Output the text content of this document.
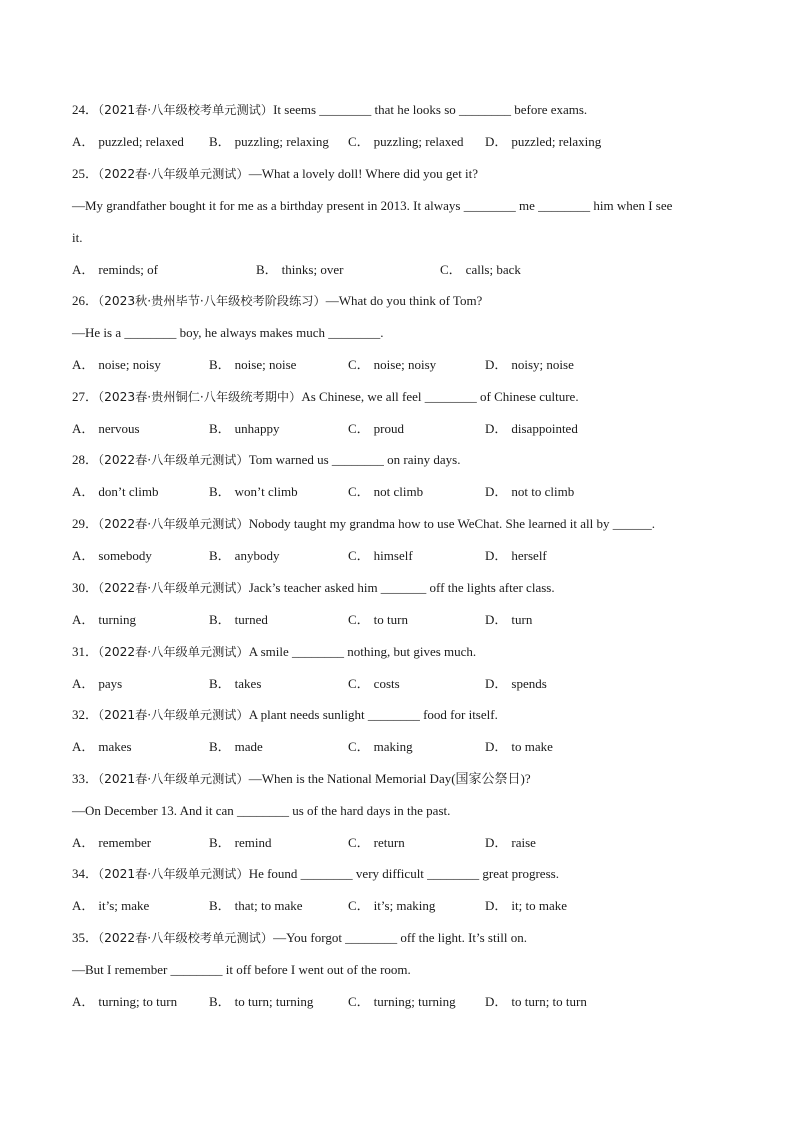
24．（2021春·八年级校考单元测试）It seems ________ that he looks so ________ before exams.
A． puzzled; relaxed B． puzzling; relaxing C． puzzling; relaxed D． puzzled; relaxing
25．（2022春·八年级单元测试）—What a lovely doll! Where did you get it?
—My grandfather bought it for me as a birthday present in 2013. It always ________ me ________ him when I see
it.
A． reminds; of	B． thinks; over	C． calls; back
26．（2023秋·贵州毕节·八年级校考阶段练习）—What do you think of Tom?
—He is a ________ boy, he always makes much ________.
A． noise; noisy	B． noise; noise	C． noise; noisy	D． noisy; noise
27．（2023春·贵州铜仁·八年级统考期中）As Chinese, we all feel ________ of Chinese culture.
A． nervous	B． unhappy	C． proud	D． disappointed
28．（2022春·八年级单元测试）Tom warned us ________ on rainy days.
A． don’t climb	B． won’t climb	C． not climb	D． not to climb
29．（2022春·八年级单元测试）Nobody taught my grandma how to use WeChat. She learned it all by ______.
A． somebody	B． anybody	C． himself	D． herself
30．（2022春·八年级单元测试）Jack’s teacher asked him _______ off the lights after class.
A． turning	B． turned	C． to turn	D． turn
31．（2022春·八年级单元测试）A smile ________ nothing, but gives much.
A． pays	B． takes	C． costs	D． spends
32．（2021春·八年级单元测试）A plant needs sunlight ________ food for itself.
A． makes	B． made	C． making	D． to make
33．（2021春·八年级单元测试）—When is the National Memorial Day(国家公祭日)?
—On December 13. And it can ________ us of the hard days in the past.
A． remember	B． remind	C． return	D． raise
34．（2021春·八年级单元测试）He found ________ very difficult ________ great progress.
A． it’s; make	B． that; to make	C． it’s; making	D． it; to make
35．（2022春·八年级校考单元测试）—You forgot ________ off the light. It’s still on.
—But I remember ________ it off before I went out of the room.
A． turning; to turn B． to turn; turning	C． turning; turning D． to turn; to turn
